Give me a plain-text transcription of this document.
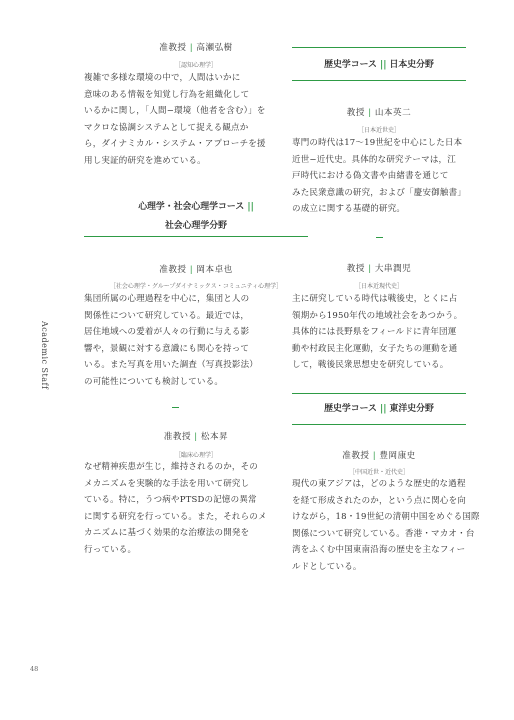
Academic Staff
48
准教授 | 高瀬弘樹
［認知心理学］
複雑で多様な環境の中で，人間はいかに
意味のある情報を知覚し行為を組織化して
いるかに関し，「人間−環境（他者を含む）」を
マクロな協調システムとして捉える観点か
ら，ダイナミカル・システム・アプローチを援
用し実証的研究を進めている。
心理学・社会心理学コース ||
社会心理学分野
准教授 | 岡本卓也
［社会心理学・グループダイナミックス・コミュニティ心理学］
集団所属の心理過程を中心に，集団と人の
関係性について研究している。最近では，
居住地域への愛着が人々の行動に与える影
響や，景観に対する意識にも関心を持って
いる。また写真を用いた調査（写真投影法）
の可能性についても検討している。
准教授 | 松本昇
［臨床心理学］
なぜ精神疾患が生じ，維持されるのか，その
メカニズムを実験的な手法を用いて研究し
ている。特に，うつ病やPTSDの記憶の異常
に関する研究を行っている。また，それらのメ
カニズムに基づく効果的な治療法の開発を
行っている。
歴史学コース || 日本史分野
教授 | 山本英二
［日本近世史］
専門の時代は17〜19世紀を中心にした日本
近世−近代史。具体的な研究テーマは，江
戸時代における偽文書や由緒書を通じて
みた民衆意識の研究，および「慶安御触書」
の成立に関する基礎的研究。
教授 | 大串潤児
［日本近現代史］
主に研究している時代は戦後史，とくに占
領期から1950年代の地域社会をあつかう。
具体的には長野県をフィールドに青年団運
動や村政民主化運動，女子たちの運動を通
して，戦後民衆思想史を研究している。
歴史学コース || 東洋史分野
准教授 | 豊岡康史
［中国近世・近代史］
現代の東アジアは，どのような歴史的な過程
を経て形成されたのか，という点に関心を向
けながら，18・19世紀の清朝中国をめぐる国際
関係について研究している。香港・マカオ・台
湾をふくむ中国東南沿海の歴史を主なフィー
ルドとしている。
